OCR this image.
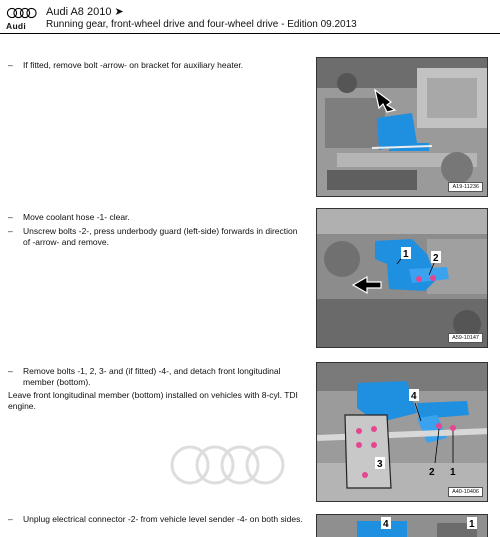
Audi
Audi A8 2010 ➤
Running gear, front-wheel drive and four-wheel drive - Edition 09.2013
– If fitted, remove bolt -arrow- on bracket for auxiliary heater.
A19-11236
– Move coolant hose -1- clear.
– Unscrew bolts -2-, press underbody guard (left-side) forwards in direction of -arrow- and remove.
1 2
A59-10147
– Remove bolts -1, 2, 3- and (if fitted) -4-, and detach front longitudinal member (bottom).
Leave front longitudinal member (bottom) installed on vehicles with 8-cyl. TDI engine.
4
3
2 1
A40-10406
– Unplug electrical connector -2- from vehicle level sender -4- on both sides.	4	1
